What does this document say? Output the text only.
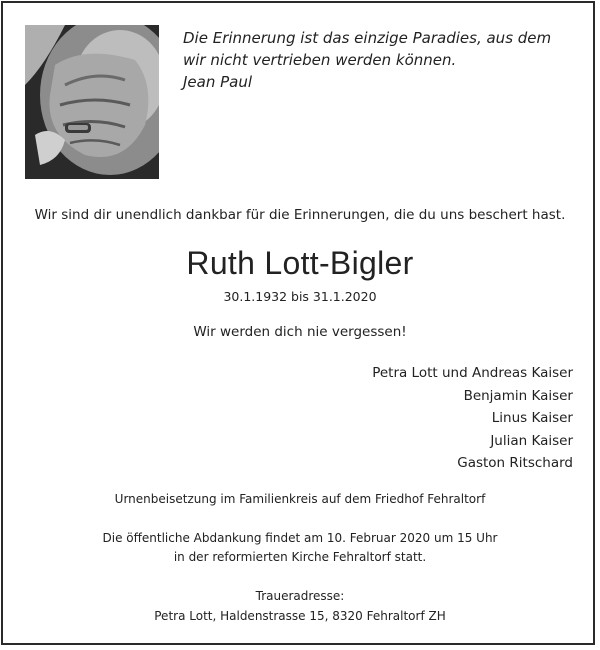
Die Erinnerung ist das einzige Paradies, aus dem
wir nicht vertrieben werden können.
Jean Paul
Wir sind dir unendlich dankbar für die Erinnerungen, die du uns beschert hast.
Ruth Lott-Bigler
30.1.1932 bis 31.1.2020
Wir werden dich nie vergessen!
Petra Lott und Andreas Kaiser
Benjamin Kaiser
Linus Kaiser
Julian Kaiser
Gaston Ritschard
Urnenbeisetzung im Familienkreis auf dem Friedhof Fehraltorf
Die öffentliche Abdankung findet am 10. Februar 2020 um 15 Uhr
in der reformierten Kirche Fehraltorf statt.
Traueradresse:
Petra Lott, Haldenstrasse 15, 8320 Fehraltorf ZH
